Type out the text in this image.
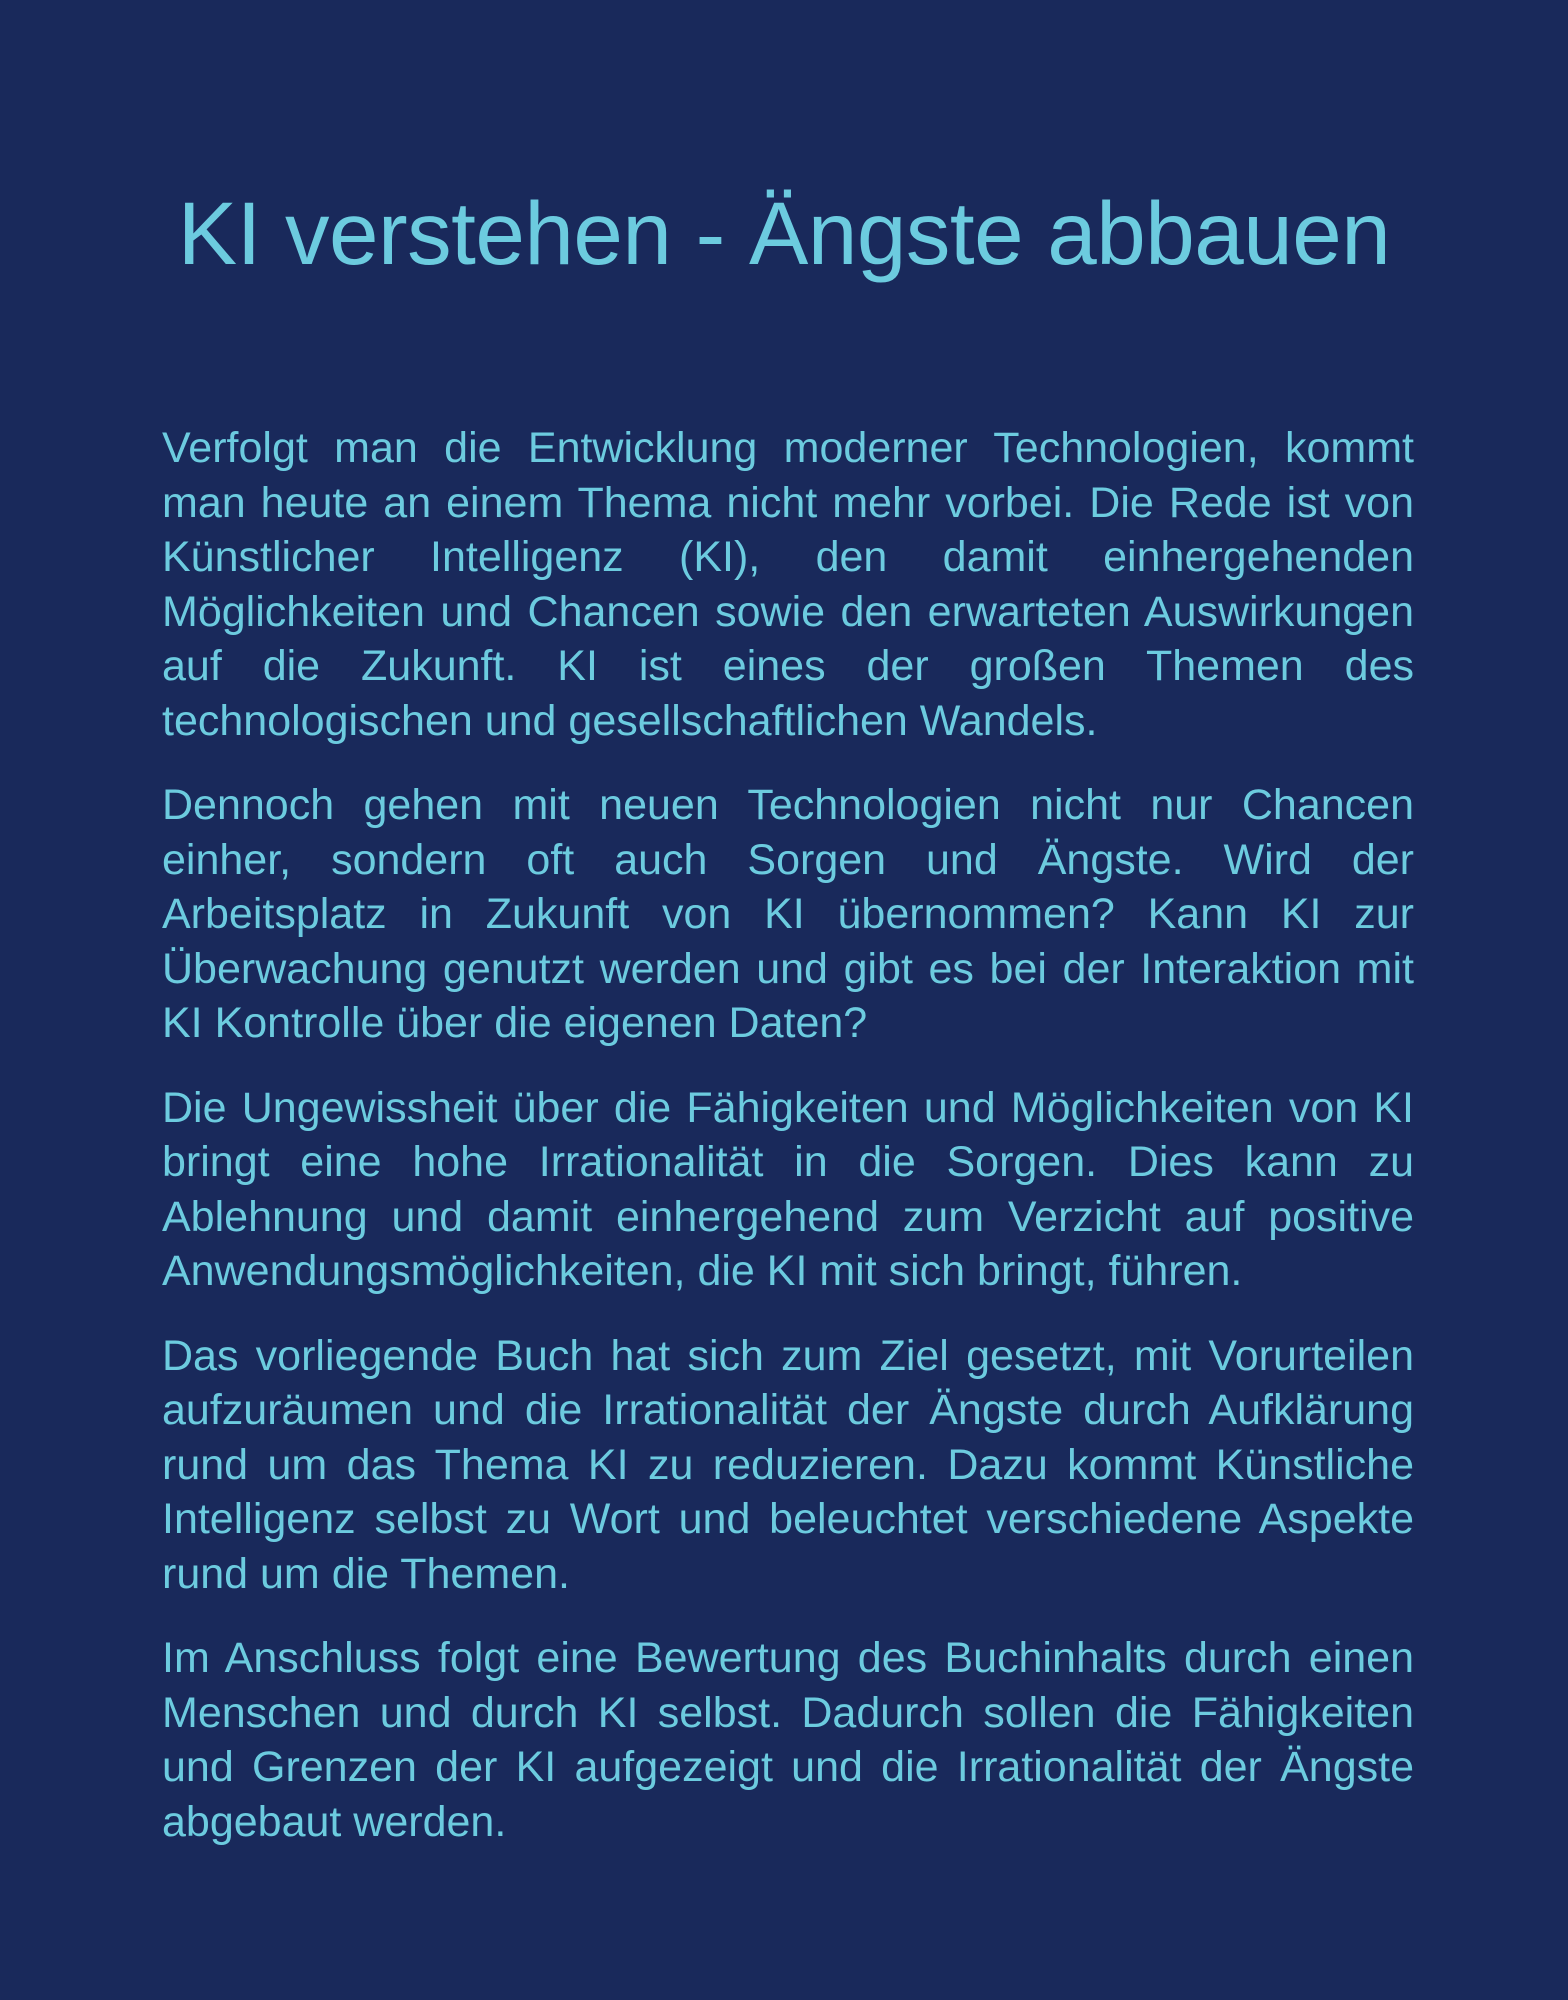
KI verstehen - Ängste abbauen

Verfolgt man die Entwicklung moderner Technologien, kommt man heute an einem Thema nicht mehr vorbei. Die Rede ist von Künstlicher Intelligenz (KI), den damit einhergehenden Möglichkeiten und Chancen sowie den erwarteten Auswirkungen auf die Zukunft. KI ist eines der großen Themen des technologischen und gesellschaftlichen Wandels.

Dennoch gehen mit neuen Technologien nicht nur Chancen einher, sondern oft auch Sorgen und Ängste. Wird der Arbeitsplatz in Zukunft von KI übernommen? Kann KI zur Überwachung genutzt werden und gibt es bei der Interaktion mit KI Kontrolle über die eigenen Daten?

Die Ungewissheit über die Fähigkeiten und Möglichkeiten von KI bringt eine hohe Irrationalität in die Sorgen. Dies kann zu Ablehnung und damit einhergehend zum Verzicht auf positive Anwendungsmöglichkeiten, die KI mit sich bringt, führen.

Das vorliegende Buch hat sich zum Ziel gesetzt, mit Vorurteilen aufzuräumen und die Irrationalität der Ängste durch Aufklärung rund um das Thema KI zu reduzieren. Dazu kommt Künstliche Intelligenz selbst zu Wort und beleuchtet verschiedene Aspekte rund um die Themen.

Im Anschluss folgt eine Bewertung des Buchinhalts durch einen Menschen und durch KI selbst. Dadurch sollen die Fähigkeiten und Grenzen der KI aufgezeigt und die Irrationalität der Ängste abgebaut werden.
